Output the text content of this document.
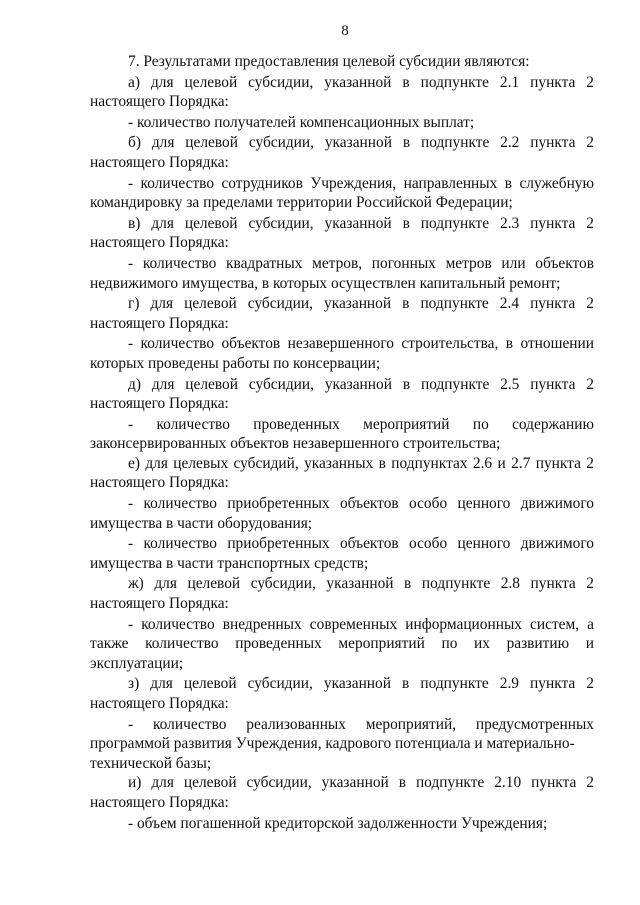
8
7. Результатами предоставления целевой субсидии являются:
а) для целевой субсидии, указанной в подпункте 2.1 пункта 2 настоящего Порядка:
- количество получателей компенсационных выплат;
б) для целевой субсидии, указанной в подпункте 2.2 пункта 2 настоящего Порядка:
- количество сотрудников Учреждения, направленных в служебную командировку за пределами территории Российской Федерации;
в) для целевой субсидии, указанной в подпункте 2.3 пункта 2 настоящего Порядка:
- количество квадратных метров, погонных метров или объектов недвижимого имущества, в которых осуществлен капитальный ремонт;
г) для целевой субсидии, указанной в подпункте 2.4 пункта 2 настоящего Порядка:
- количество объектов незавершенного строительства, в отношении которых проведены работы по консервации;
д) для целевой субсидии, указанной в подпункте 2.5 пункта 2 настоящего Порядка:
- количество проведенных мероприятий по содержанию
законсервированных объектов незавершенного строительства;
е) для целевых субсидий, указанных в подпунктах 2.6 и 2.7 пункта 2 настоящего Порядка:
- количество приобретенных объектов особо ценного движимого имущества в части оборудования;
- количество приобретенных объектов особо ценного движимого имущества в части транспортных средств;
ж) для целевой субсидии, указанной в подпункте 2.8 пункта 2 настоящего Порядка:
- количество внедренных современных информационных систем, а также количество проведенных мероприятий по их развитию и эксплуатации;
з) для целевой субсидии, указанной в подпункте 2.9 пункта 2 настоящего Порядка:
- количество реализованных мероприятий, предусмотренных
программой развития Учреждения, кадрового потенциала и материально-технической базы;
и) для целевой субсидии, указанной в подпункте 2.10 пункта 2 настоящего Порядка:
- объем погашенной кредиторской задолженности Учреждения;
